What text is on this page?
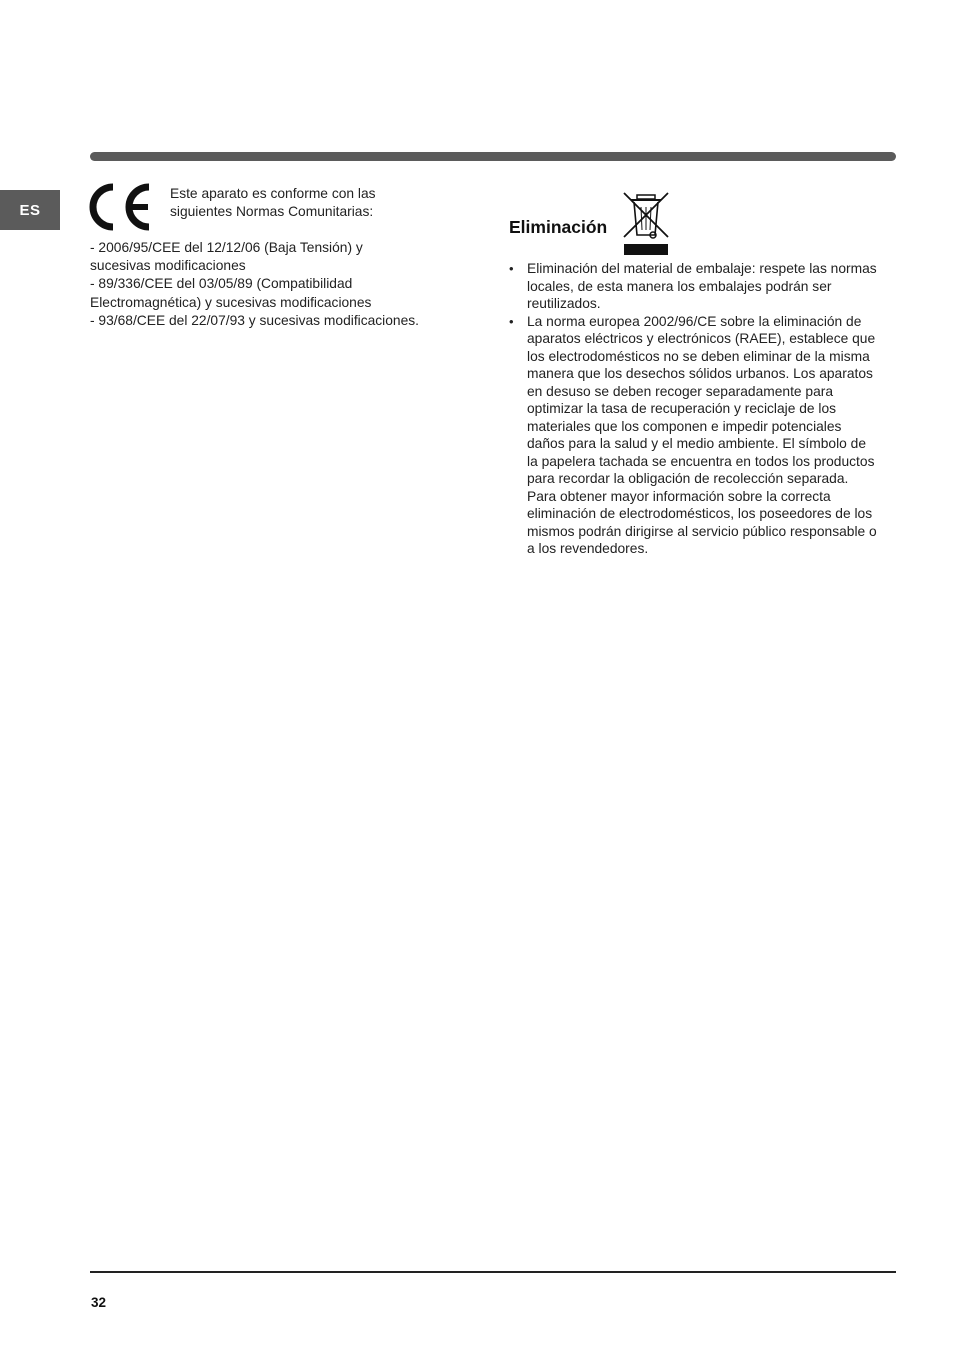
ES
Este aparato es conforme con las siguientes Normas Comunitarias:
- 2006/95/CEE del 12/12/06 (Baja Tensión) y sucesivas modificaciones
- 89/336/CEE del 03/05/89 (Compatibilidad Electromagnética) y sucesivas modificaciones
- 93/68/CEE del 22/07/93 y sucesivas modificaciones.
Eliminación

• Eliminación del material de embalaje: respete las normas locales, de esta manera los embalajes podrán ser reutilizados.

• La norma europea 2002/96/CE sobre la eliminación de aparatos eléctricos y electrónicos (RAEE), establece que los electrodomésticos no se deben eliminar de la misma manera que los desechos sólidos urbanos. Los aparatos en desuso se deben recoger separadamente para optimizar la tasa de recuperación y reciclaje de los materiales que los componen e impedir potenciales daños para la salud y el medio ambiente. El símbolo de la papelera tachada se encuentra en todos los productos para recordar la obligación de recolección separada.

Para obtener mayor información sobre la correcta eliminación de electrodomésticos, los poseedores de los mismos podrán dirigirse al servicio público responsable o a los revendedores.

32
